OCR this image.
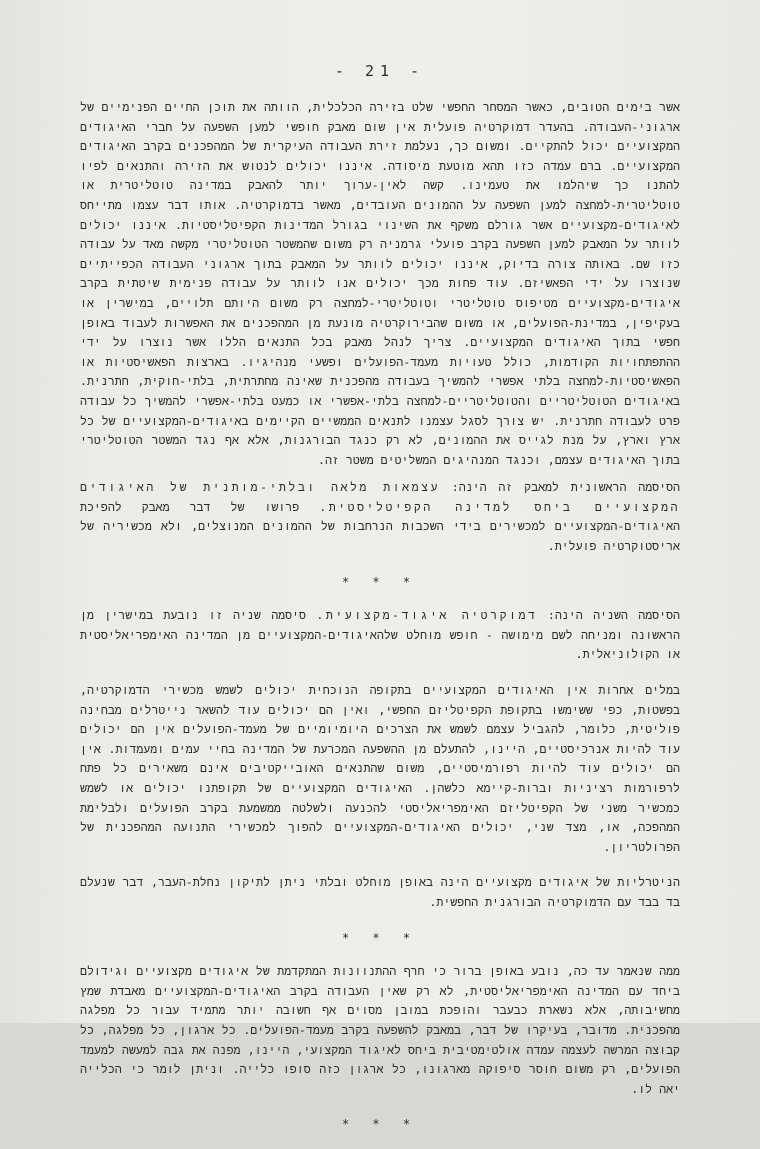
- 21 -

אשר בימים הטובים, כאשר המסחר החפשי שלט בזירה הכלכלית, הוותה את תוכן החיים הפנימיים של ארגוני-העבודה. בהעדר דמוקרטיה פועלית אין שום מאבק חופשי למען השפעה על חברי האיגודים המקצועיים יכול להתקיים. ומשום כך, נעלמת זירת העבודה העיקרית של המהפכנים בקרב האיגודים המקצועיים. ברם עמדה כזו תהא מוטעת מיסודה. איננו יכולים לנטוש את הזירה והתנאים לפיו להתנו כך שיהלמו את טעמינו. קשה לאין-ערוך יותר להאבק במדינה טוטליטרית או טוטליטרית-למחצה למען השפעה על ההמונים העובדים, מאשר בדמוקרטיה. אותו דבר עצמו מתייחס לאיגודים-מקצועיים אשר גורלם משקף את השינוי בגורל המדינות הקפיטליסטיות. איננו יכולים לוותר על המאבק למען השפעה בקרב פועלי גרמניה רק משום שהמשטר הטוטליטרי מקשה מאד על עבודה כזו שם. באותה צורה בדיוק, איננו יכולים לוותר על המאבק בתוך ארגוני העבודה הכפייתיים שנוצרו על ידי הפאשיזם. עוד פחות מכך יכולים אנו לוותר על עבודה פנימית שיטתית בקרב איגודים-מקצועיים מטיפוס טוטליטרי וטוטליטרי-למחצה רק משום היותם תלויים, במישרין או בעקיפין, במדינת-הפועלים, או משום שהבירוקרטיה מונעת מן המהפכנים את האפשרות לעבוד באופן חפשי בתוך האיגודים המקצועיים. צריך לנהל מאבק בכל התנאים הללו אשר נוצרו על ידי ההתפתחויות הקודמות, כולל טעויות מעמד-הפועלים ופשעי מנהיגיו. בארצות הפאשיסטיות או הפאשיסטיות-למחצה בלתי אפשרי להמשיך בעבודה מהפכנית שאינה מחתרתית, בלתי-חוקית, חתרנית. באיגודים הטוטליטריים והטוטליטריים-למחצה בלתי-אפשרי או כמעט בלתי-אפשרי להמשיך כל עבודה פרט לעבודה חתרנית. יש צורך לסגל עצמנו לתנאים הממשיים הקיימים באיגודים-המקצועיים של כל ארץ וארץ, על מנת לגייס את ההמונים, לא רק כנגד הבורגנות, אלא אף נגד המשטר הטוטליטרי בתוך האיגודים עצמם, וכנגד המנהיגים המשליטים משטר זה.

הסיסמה הראשונית למאבק זה הינה: עצמאות מלאה ובלתי-מותנית של האיגודים המקצועיים ביחס למדינה הקפיטליסטית. פרושו של דבר מאבק להפיכת האיגודים-המקצועיים למכשירים בידי השכבות הנרחבות של ההמונים המנוצלים, ולא מכשיריה של אריסטוקרטיה פועלית.

* * *

הסיסמה השניה הינה: דמוקרטיה איגוד-מקצועית. סיסמה שניה זו נובעת במישרין מן הראשונה ומניחה לשם מימושה - חופש מוחלט שלהאיגודים-המקצועיים מן המדינה האימפריאליסטית או הקולוניאלית.

במלים אחרות אין האיגודים המקצועיים בתקופה הנוכחית יכולים לשמש מכשירי הדמוקרטיה, בפשטות, כפי ששימשו בתקופת הקפיטליזם החפשי, ואין הם יכולים עוד להשאר נייטרלים מבחינה פוליטית, כלומר, להגביל עצמם לשמש את הצרכים היומיומיים של מעמד-הפועלים אין הם יכולים עוד להיות אנרכיסטיים, היינו, להתעלם מן ההשפעה המכרעת של המדינה בחיי עמים ומעמדות. אין הם יכולים עוד להיות רפורמיסטיים, משום שהתנאים האובייקטיבים אינם משאירים כל פתח לרפורמות רציניות וברות-קיימא כלשהן. האיגודים המקצועיים של תקופתנו יכולים או לשמש כמכשיר משני של הקפיטליזם האימפריאליסטי להכנעה ולשלטה ממשמעת בקרב הפועלים ולבלימת המהפכה, או, מצד שני, יכולים האיגודים-המקצועיים להפוך למכשירי התנועה המהפכנית של הפרולטריון.

הניטרליות של איגודים מקצועיים הינה באופן מוחלט ובלתי ניתן לתיקון נחלת-העבר, דבר שנעלם בד בבד עם הדמוקרטיה הבורגנית החפשית.

* * *

ממה שנאמר עד כה, נובע באופן ברור כי חרף ההתנוונות המתקדמת של איגודים מקצועיים וגידולם ביחד עם המדינה האימפריאליסטית, לא רק שאין העבודה בקרב האיגודים-המקצועיים מאבדת שמץ מחשיבותה, אלא נשארת כבעבר והופכת במובן מסוים אף חשובה יותר מתמיד עבור כל מפלגה מהפכנית. מדובר, בעיקרו של דבר, במאבק להשפעה בקרב מעמד-הפועלים. כל ארגון, כל מפלגה, כל קבוצה המרשה לעצמה עמדה אולטימטיבית ביחס לאיגוד המקצועי, היינו, מפנה את גבה למעשה למעמד הפועלים, רק משום חוסר סיפוקה מארגונו, כל ארגון כזה סופו כלייה. וניתן לומר כי הכלייה יאה לו.

* * *
